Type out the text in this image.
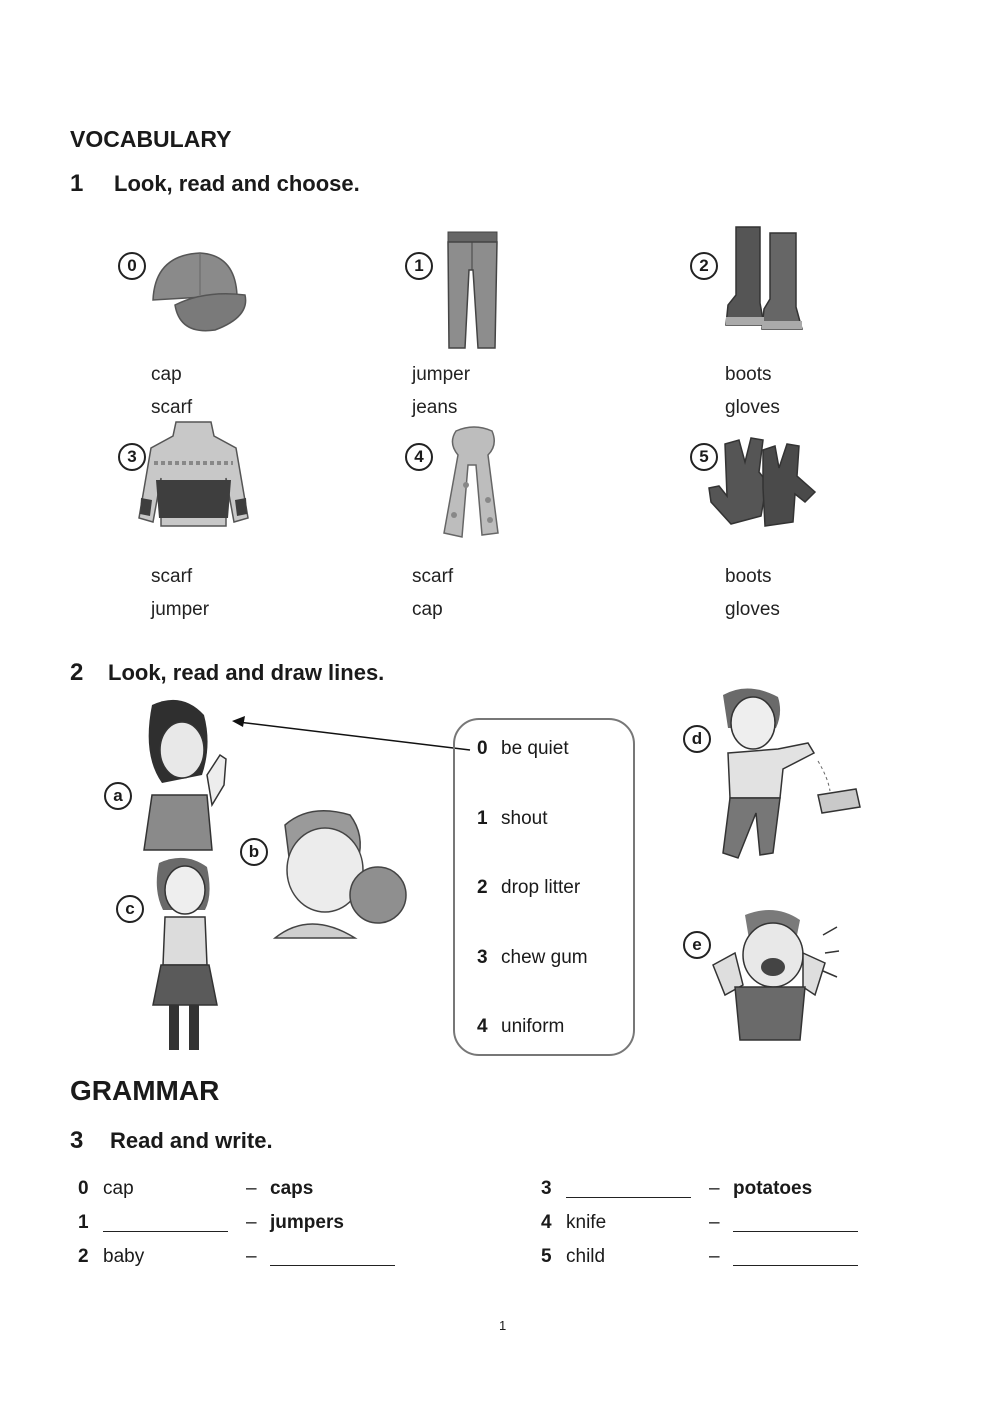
VOCABULARY
1 Look, read and choose.
0
cap
scarf
1
jumper
jeans
2
boots
gloves
3
scarf
jumper
4
scarf
cap
5
boots
gloves
2 Look, read and draw lines.
a
b
c
0 be quiet
1 shout
2 drop litter
3 chew gum
4 uniform
d
e
GRAMMAR
3 Read and write.
0 cap	– caps
1	– jumpers
2 baby	–
3	– potatoes
4 knife	–
5 child	–
1
